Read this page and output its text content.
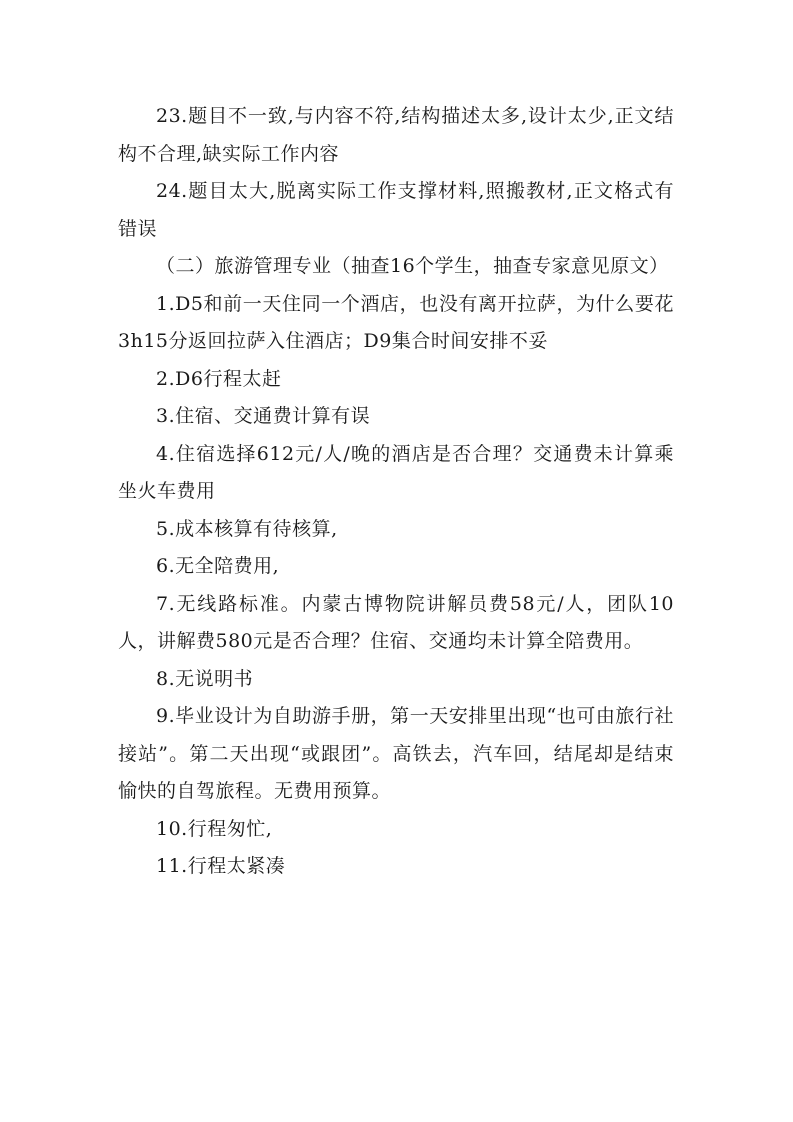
23.题目不一致,与内容不符,结构描述太多,设计太少,正文结构不合理,缺实际工作内容

24.题目太大,脱离实际工作支撑材料,照搬教材,正文格式有错误

（二）旅游管理专业（抽查16个学生，抽查专家意见原文）

1.D5和前一天住同一个酒店，也没有离开拉萨，为什么要花3h15分返回拉萨入住酒店；D9集合时间安排不妥

2.D6行程太赶

3.住宿、交通费计算有误

4.住宿选择612元/人/晚的酒店是否合理？交通费未计算乘坐火车费用

5.成本核算有待核算,

6.无全陪费用,

7.无线路标准。内蒙古博物院讲解员费58元/人，团队10人，讲解费580元是否合理？住宿、交通均未计算全陪费用。

8.无说明书

9.毕业设计为自助游手册，第一天安排里出现“也可由旅行社接站”。第二天出现“或跟团”。高铁去，汽车回，结尾却是结束愉快的自驾旅程。无费用预算。

10.行程匆忙,

11.行程太紧凑
